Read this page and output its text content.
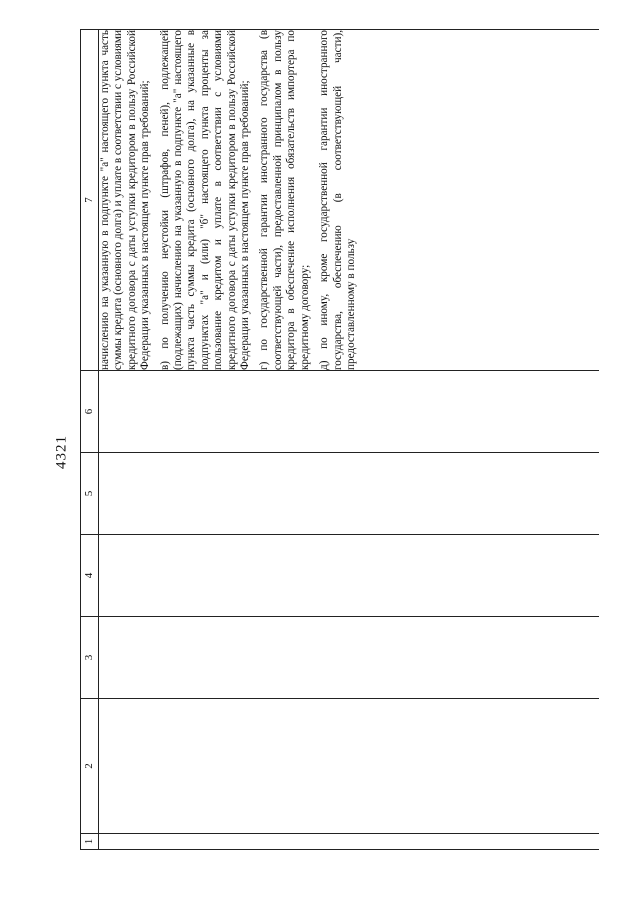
4321
1	2	3	4	5	6	7

						начислению на указанную в подпункте "а" настоящего пункта часть суммы кредита (основного долга) и уплате в соответствии с условиями кредитного договора с даты уступки кредитором в пользу Российской Федерации указанных в настоящем пункте прав требований; в) по получению неустойки (штрафов, пеней), подлежащей (подлежащих) начислению на указанную в подпункте "а" настоящего пункта часть суммы кредита (основного долга), на указанные в подпунктах "а" и (или) "б" настоящего пункта проценты за пользование кредитом и уплате в соответствии с условиями кредитного договора с даты уступки кредитором в пользу Российской Федерации указанных в настоящем пункте прав требований; г) по государственной гарантии иностранного государства (в соответствующей части), предоставленной принципалом в пользу кредитора в обеспечение исполнения обязательств импортера по кредитному договору; д) по иному, кроме государственной гарантии иностранного государства, обеспечению (в соответствующей части), предоставленному в пользу
